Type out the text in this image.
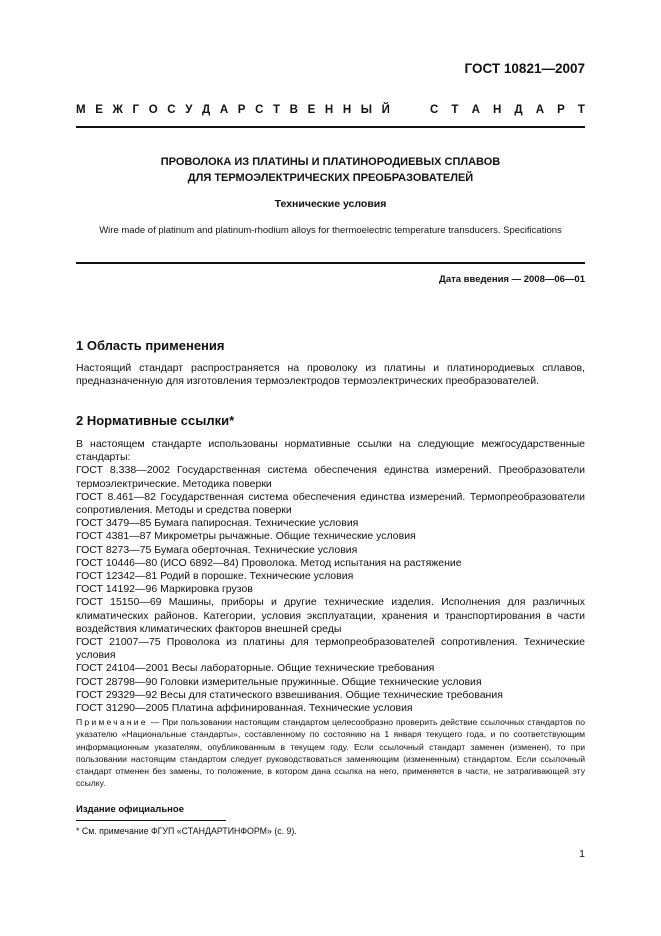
ГОСТ 10821—2007
М Е Ж Г О С У Д А Р С Т В Е Н Н Ы Й	С Т А Н Д А Р Т
ПРОВОЛОКА ИЗ ПЛАТИНЫ И ПЛАТИНОРОДИЕВЫХ СПЛАВОВ
ДЛЯ ТЕРМОЭЛЕКТРИЧЕСКИХ ПРЕОБРАЗОВАТЕЛЕЙ
Технические условия
Wire made of platinum and platinum-rhodium alloys for thermoelectric temperature transducers. Specifications
Дата введения — 2008—06—01
1 Область применения

Настоящий стандарт распространяется на проволоку из платины и платинородиевых сплавов, предназначенную для изготовления термоэлектродов термоэлектрических преобразователей.

2 Нормативные ссылки*

В настоящем стандарте использованы нормативные ссылки на следующие межгосударственные стандарты:

ГОСТ 8.338—2002 Государственная система обеспечения единства измерений. Преобразователи термоэлектрические. Методика поверки

ГОСТ 8.461—82 Государственная система обеспечения единства измерений. Термопреобразователи сопротивления. Методы и средства поверки

ГОСТ 3479—85 Бумага папиросная. Технические условия

ГОСТ 4381—87 Микрометры рычажные. Общие технические условия

ГОСТ 8273—75 Бумага оберточная. Технические условия

ГОСТ 10446—80 (ИСО 6892—84) Проволока. Метод испытания на растяжение

ГОСТ 12342—81 Родий в порошке. Технические условия

ГОСТ 14192—96 Маркировка грузов

ГОСТ 15150—69 Машины, приборы и другие технические изделия. Исполнения для различных климатических районов. Категории, условия эксплуатации, хранения и транспортирования в части воздействия климатических факторов внешней среды

ГОСТ 21007—75 Проволока из платины для термопреобразователей сопротивления. Технические условия

ГОСТ 24104—2001 Весы лабораторные. Общие технические требования

ГОСТ 28798—90 Головки измерительные пружинные. Общие технические условия

ГОСТ 29329—92 Весы для статического взвешивания. Общие технические требования

ГОСТ 31290—2005 Платина аффинированная. Технические условия

Примечание — При пользовании настоящим стандартом целесообразно проверить действие ссылочных стандартов по указателю «Национальные стандарты», составленному по состоянию на 1 января текущего года, и по соответствующим информационным указателям, опубликованным в текущем году. Если ссылочный стандарт заменен (изменен), то при пользовании настоящим стандартом следует руководствоваться заменяющим (измененным) стандартом. Если ссылочный стандарт отменен без замены, то положение, в котором дана ссылка на него, применяется в части, не затрагивающей эту ссылку.
Издание официальное
* См. примечание ФГУП «СТАНДАРТИНФОРМ» (с. 9).
1
